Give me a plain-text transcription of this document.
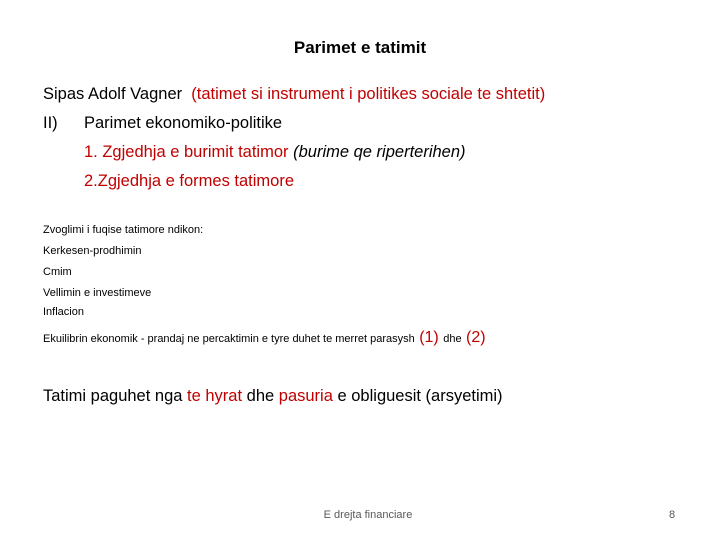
Parimet e tatimit
Sipas Adolf Vagner (tatimet si instrument i politikes sociale te shtetit)
II) Parimet ekonomiko-politike
1. Zgjedhja e burimit tatimor (burime qe riperterihen)
2.Zgjedhja e formes tatimore
Zvoglimi i fuqise tatimore ndikon:
Kerkesen-prodhimin
Cmim
Vellimin e investimeve
Inflacion
Ekuilibrin ekonomik - prandaj ne percaktimin e tyre duhet te merret parasysh (1) dhe (2)
Tatimi paguhet nga te hyrat dhe pasuria e obliguesit (arsyetimi)
E drejta financiare	8
